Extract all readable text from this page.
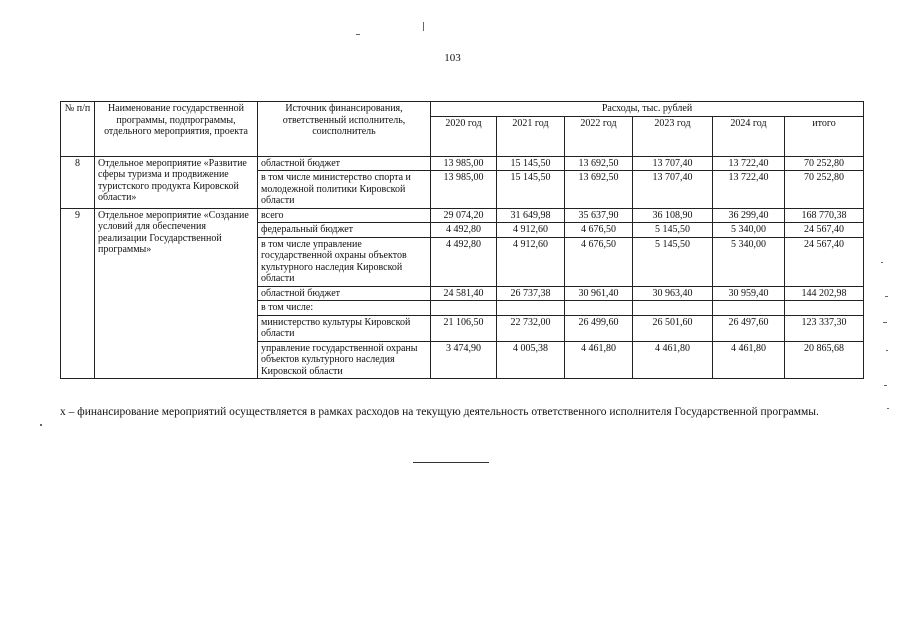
103
№ п/п	Наименование государственной программы, подпрограммы, отдельного мероприятия, проекта	Источник финансирования, ответственный исполнитель, соисполнитель	Расходы, тыс. рублей					
			2020 год	2021 год	2022 год	2023 год	2024 год	итого
8	Отдельное мероприятие «Развитие сферы туризма и продвижение туристского продукта Кировской области»	областной бюджет	13 985,00	15 145,50	13 692,50	13 707,40	13 722,40	70 252,80
		в том числе министерство спорта и молодежной политики Кировской области	13 985,00	15 145,50	13 692,50	13 707,40	13 722,40	70 252,80
9	Отдельное мероприятие «Создание условий для обеспечения реализации Государственной программы»	всего	29 074,20	31 649,98	35 637,90	36 108,90	36 299,40	168 770,38
		федеральный бюджет	4 492,80	4 912,60	4 676,50	5 145,50	5 340,00	24 567,40
		в том числе управление государственной охраны объектов культурного наследия Кировской области	4 492,80	4 912,60	4 676,50	5 145,50	5 340,00	24 567,40
		областной бюджет	24 581,40	26 737,38	30 961,40	30 963,40	30 959,40	144 202,98
		в том числе:						
		министерство культуры Кировской области	21 106,50	22 732,00	26 499,60	26 501,60	26 497,60	123 337,30
		управление государственной охраны объектов культурного наследия Кировской области	3 474,90	4 005,38	4 461,80	4 461,80	4 461,80	20 865,68
х – финансирование мероприятий осуществляется в рамках расходов на текущую деятельность ответственного исполнителя Государственной программы.
